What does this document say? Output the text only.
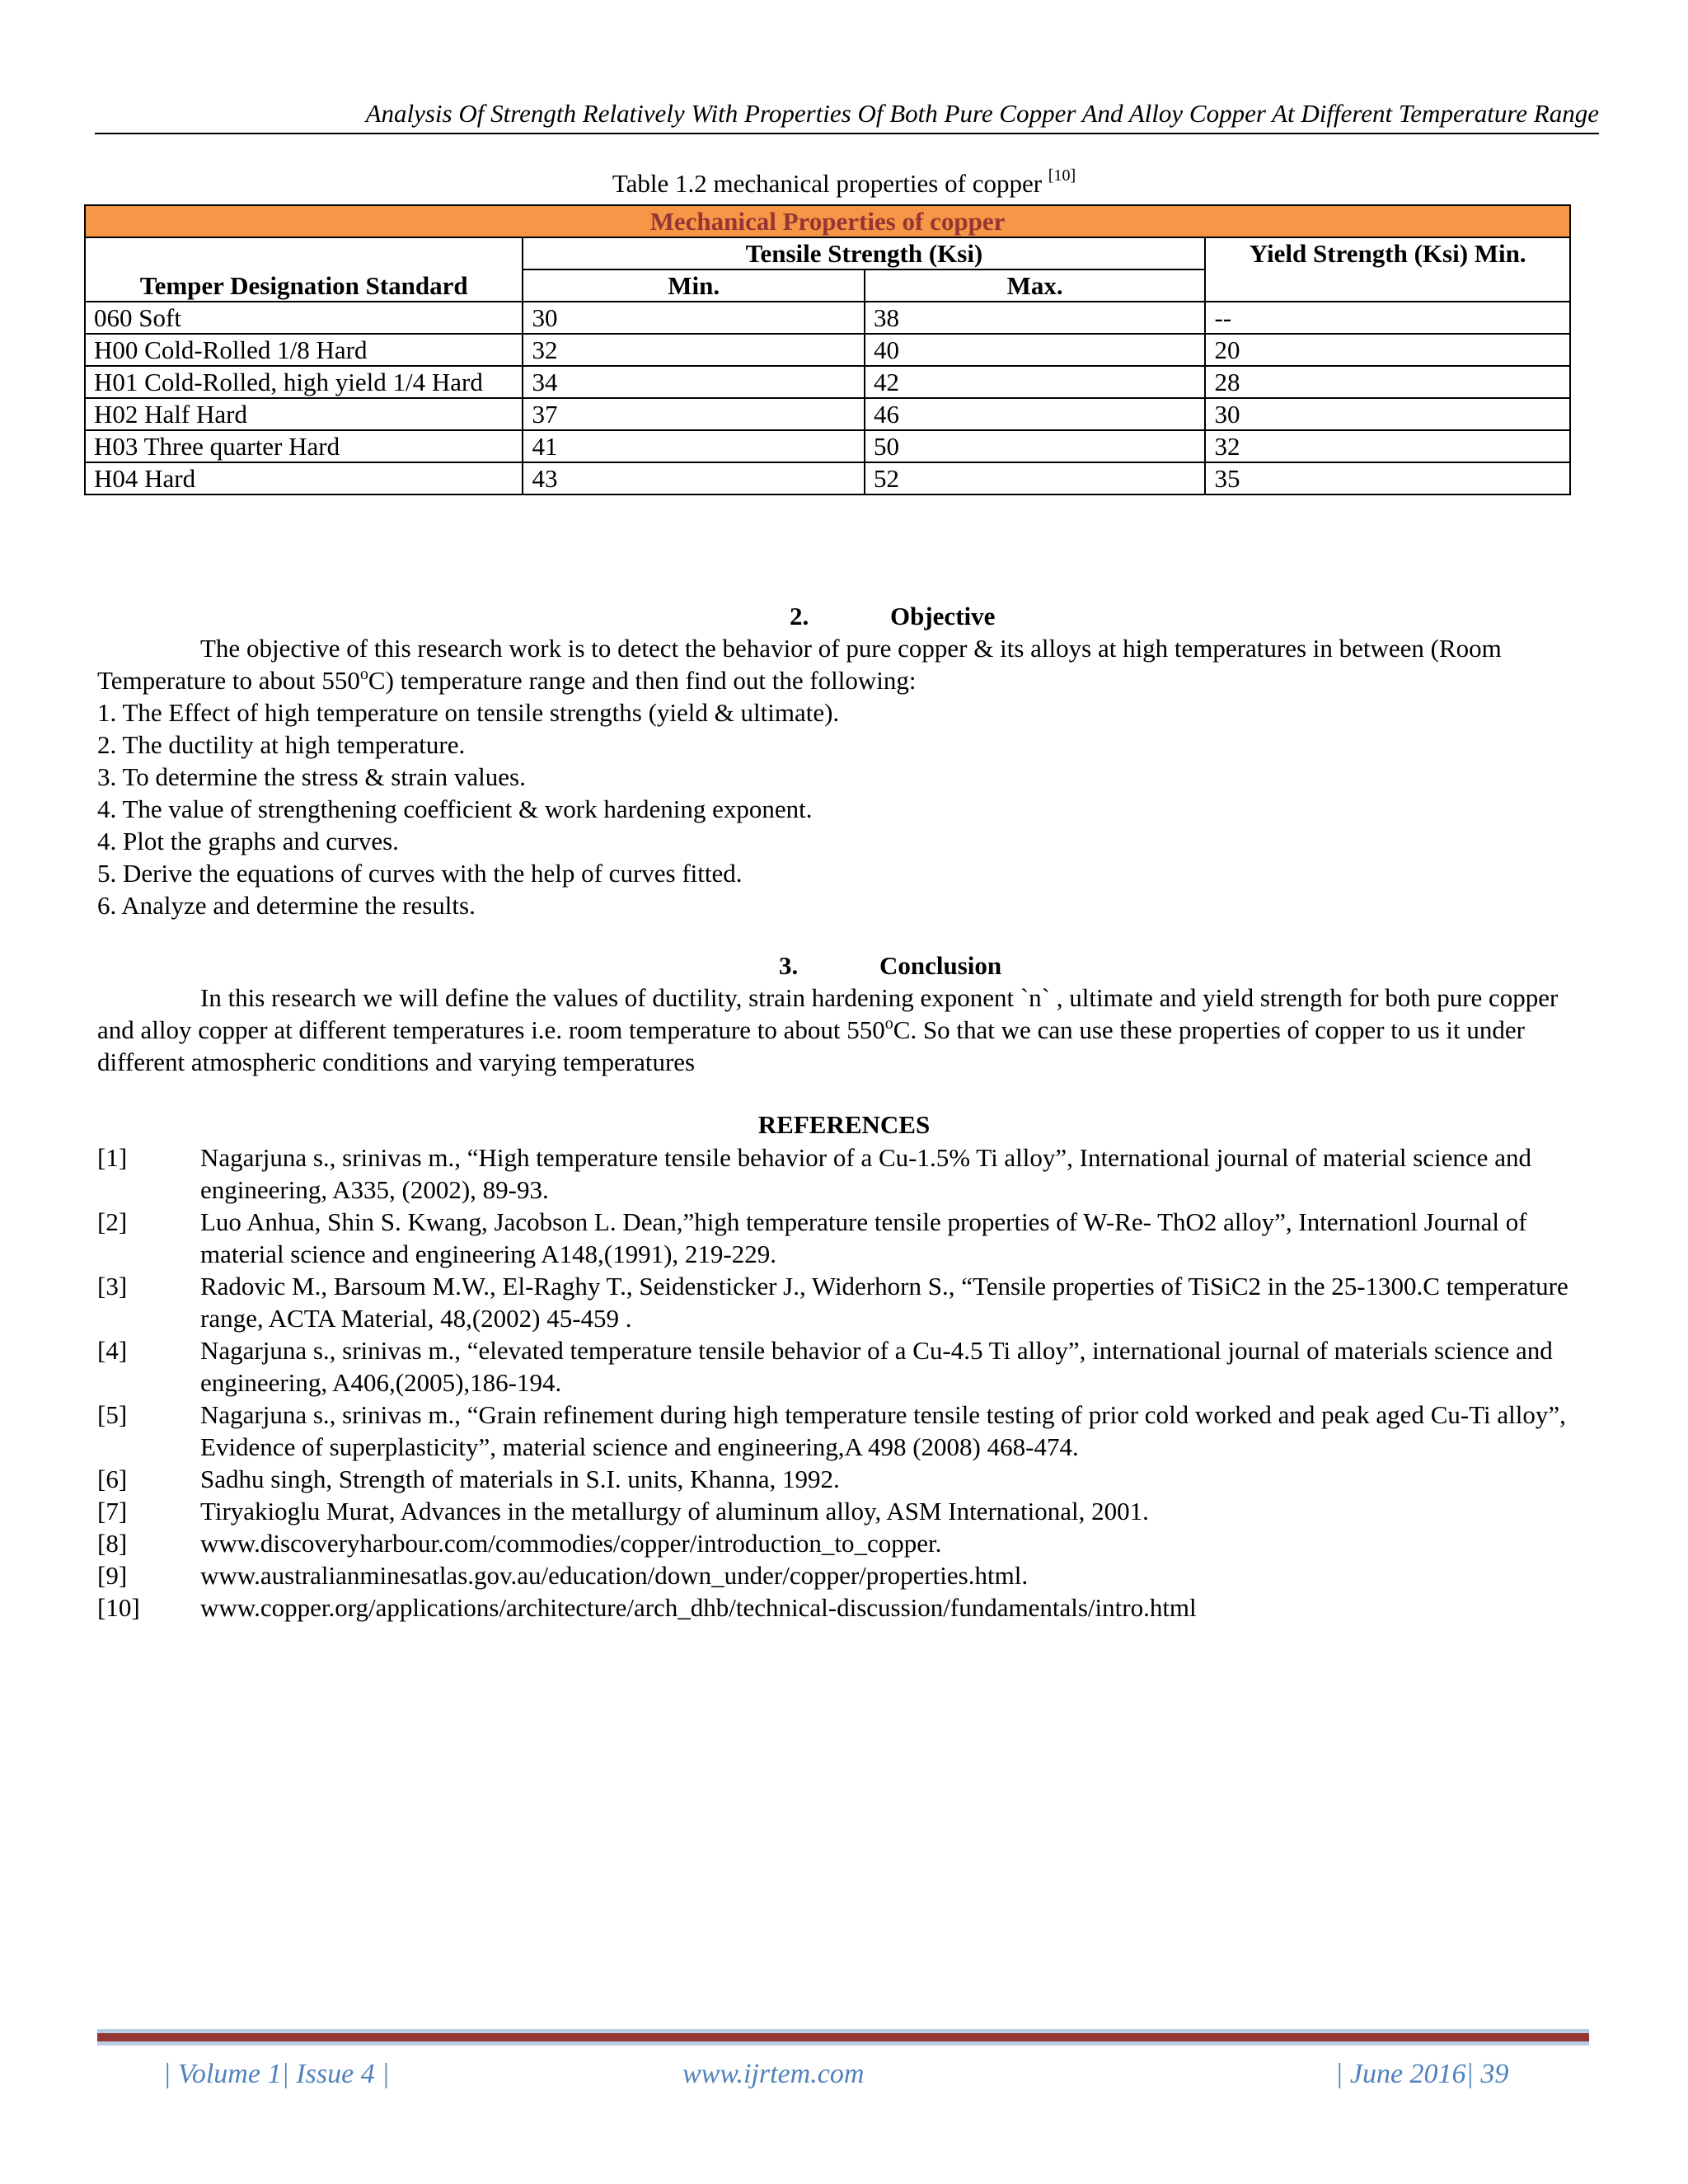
Analysis Of Strength Relatively With Properties Of Both Pure Copper And Alloy Copper At Different Temperature Range
Table 1.2 mechanical properties of copper [10]
Mechanical Properties of copper			
Temper Designation Standard	Tensile Strength (Ksi)		Yield Strength (Ksi) Min.
	Min.	Max.	
060 Soft	30	38	--
H00 Cold-Rolled 1/8 Hard	32	40	20
H01 Cold-Rolled, high yield 1/4 Hard	34	42	28
H02 Half Hard	37	46	30
H03 Three quarter Hard	41	50	32
H04 Hard	43	52	35
2.	Objective

The objective of this research work is to detect the behavior of pure copper & its alloys at high temperatures in between (Room Temperature to about 550$^o$C) temperature range and then find out the following:

1. The Effect of high temperature on tensile strengths (yield & ultimate).
2. The ductility at high temperature.
3. To determine the stress & strain values.
4. The value of strengthening coefficient & work hardening exponent.
4. Plot the graphs and curves.
5. Derive the equations of curves with the help of curves fitted.
6. Analyze and determine the results.
3.	Conclusion

In this research we will define the values of ductility, strain hardening exponent `n` , ultimate and yield strength for both pure copper and alloy copper at different temperatures i.e. room temperature to about 550$^o$C. So that we can use these properties of copper to us it under different atmospheric conditions and varying temperatures

REFERENCES
[1]	Nagarjuna s., srinivas m., “High temperature tensile behavior of a Cu-1.5% Ti alloy”, International journal of material science and engineering, A335, (2002), 89-93.
[2]	Luo Anhua, Shin S. Kwang, Jacobson L. Dean,”high temperature tensile properties of W-Re- ThO2 alloy”, Internationl Journal of material science and engineering A148,(1991), 219-229.
[3]	Radovic M., Barsoum M.W., El-Raghy T., Seidensticker J., Widerhorn S., “Tensile properties of TiSiC2 in the 25-1300.C temperature range, ACTA Material, 48,(2002) 45-459 .
[4]	Nagarjuna s., srinivas m., “elevated temperature tensile behavior of a Cu-4.5 Ti alloy”, international journal of materials science and engineering, A406,(2005),186-194.
[5]	Nagarjuna s., srinivas m., “Grain refinement during high temperature tensile testing of prior cold worked and peak aged Cu-Ti alloy”, Evidence of superplasticity”, material science and engineering,A 498 (2008) 468-474.
[6]	Sadhu singh, Strength of materials in S.I. units, Khanna, 1992.
[7]	Tiryakioglu Murat, Advances in the metallurgy of aluminum alloy, ASM International, 2001.
[8]	www.discoveryharbour.com/commodies/copper/introduction_to_copper.
[9]	www.australianminesatlas.gov.au/education/down_under/copper/properties.html.
[10] www.copper.org/applications/architecture/arch_dhb/technical-discussion/fundamentals/intro.html
| Volume 1| Issue 4 |	www.ijrtem.com	| June 2016| 39
